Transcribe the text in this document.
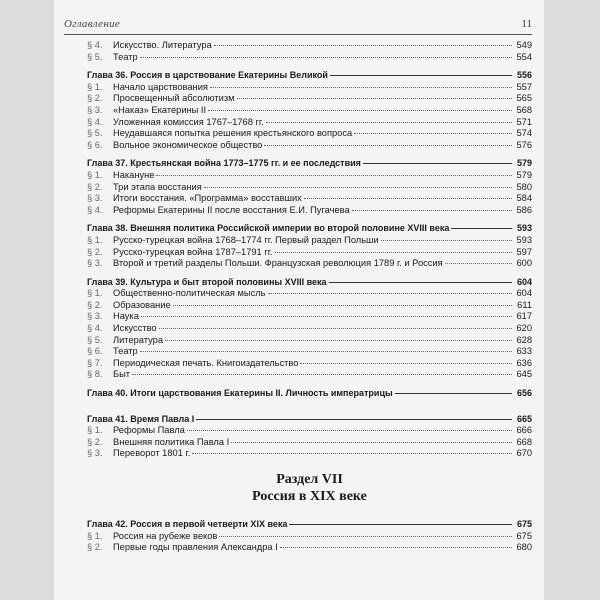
Оглавление	11
§ 4.	Искусство. Литература	549
§ 5.	Театр	554
Глава 36. Россия в царствование Екатерины Великой	556
§ 1.	Начало царствования	557
§ 2.	Просвещенный абсолютизм	565
§ 3.	«Наказ» Екатерины II	568
§ 4.	Уложенная комиссия 1767–1768 гг.	571
§ 5.	Неудавшаяся попытка решения крестьянского вопроса	574
§ 6.	Вольное экономическое общество	576
Глава 37. Крестьянская война 1773–1775 гг. и ее последствия	579
§ 1.	Накануне	579
§ 2.	Три этапа восстания	580
§ 3.	Итоги восстания. «Программа» восставших	584
§ 4.	Реформы Екатерины II после восстания Е.И. Пугачева	586
Глава 38. Внешняя политика Российской империи во второй половине XVIII века	593
§ 1.	Русско-турецкая война 1768–1774 гг. Первый раздел Польши	593
§ 2.	Русско-турецкая война 1787–1791 гг.	597
§ 3.	Второй и третий разделы Польши. Французская революция 1789 г. и Россия	600
Глава 39. Культура и быт второй половины XVIII века	604
§ 1.	Общественно-политическая мысль	604
§ 2.	Образование	611
§ 3.	Наука	617
§ 4.	Искусство	620
§ 5.	Литература	628
§ 6.	Театр	633
§ 7.	Периодическая печать. Книгоиздательство	636
§ 8.	Быт	645
Глава 40. Итоги царствования Екатерины II. Личность императрицы	656
Глава 41. Время Павла I	665
§ 1.	Реформы Павла	666
§ 2.	Внешняя политика Павла I	668
§ 3.	Переворот 1801 г.	670
Раздел VII
Россия в XIX веке
Глава 42. Россия в первой четверти XIX века	675
§ 1.	Россия на рубеже веков	675
§ 2.	Первые годы правления Александра I	680
